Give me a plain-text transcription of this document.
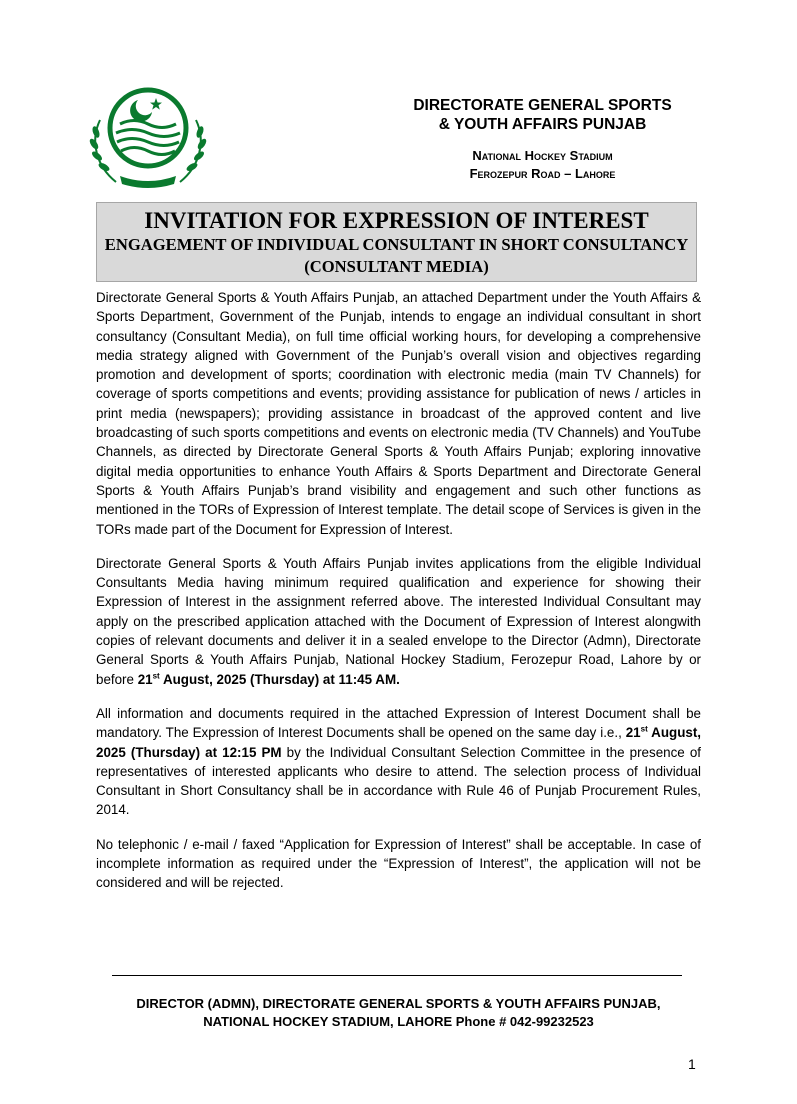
DIRECTORATE GENERAL SPORTS
& YOUTH AFFAIRS PUNJAB
National Hockey Stadium
Ferozepur Road – Lahore
INVITATION FOR EXPRESSION OF INTEREST
ENGAGEMENT OF INDIVIDUAL CONSULTANT IN SHORT CONSULTANCY (CONSULTANT MEDIA)

Directorate General Sports & Youth Affairs Punjab, an attached Department under the Youth Affairs & Sports Department, Government of the Punjab, intends to engage an individual consultant in short consultancy (Consultant Media), on full time official working hours, for developing a comprehensive media strategy aligned with Government of the Punjab’s overall vision and objectives regarding promotion and development of sports; coordination with electronic media (main TV Channels) for coverage of sports competitions and events; providing assistance for publication of news / articles in print media (newspapers); providing assistance in broadcast of the approved content and live broadcasting of such sports competitions and events on electronic media (TV Channels) and YouTube Channels, as directed by Directorate General Sports & Youth Affairs Punjab; exploring innovative digital media opportunities to enhance Youth Affairs & Sports Department and Directorate General Sports & Youth Affairs Punjab’s brand visibility and engagement and such other functions as mentioned in the TORs of Expression of Interest template. The detail scope of Services is given in the TORs made part of the Document for Expression of Interest.

Directorate General Sports & Youth Affairs Punjab invites applications from the eligible Individual Consultants Media having minimum required qualification and experience for showing their Expression of Interest in the assignment referred above. The interested Individual Consultant may apply on the prescribed application attached with the Document of Expression of Interest alongwith copies of relevant documents and deliver it in a sealed envelope to the Director (Admn), Directorate General Sports & Youth Affairs Punjab, National Hockey Stadium, Ferozepur Road, Lahore by or before 21st August, 2025 (Thursday) at 11:45 AM.

All information and documents required in the attached Expression of Interest Document shall be mandatory. The Expression of Interest Documents shall be opened on the same day i.e., 21st August, 2025 (Thursday) at 12:15 PM by the Individual Consultant Selection Committee in the presence of representatives of interested applicants who desire to attend. The selection process of Individual Consultant in Short Consultancy shall be in accordance with Rule 46 of Punjab Procurement Rules, 2014.

No telephonic / e-mail / faxed “Application for Expression of Interest” shall be acceptable. In case of incomplete information as required under the “Expression of Interest”, the application will not be considered and will be rejected.

DIRECTOR (ADMN), DIRECTORATE GENERAL SPORTS & YOUTH AFFAIRS PUNJAB,
NATIONAL HOCKEY STADIUM, LAHORE Phone # 042-99232523
1
